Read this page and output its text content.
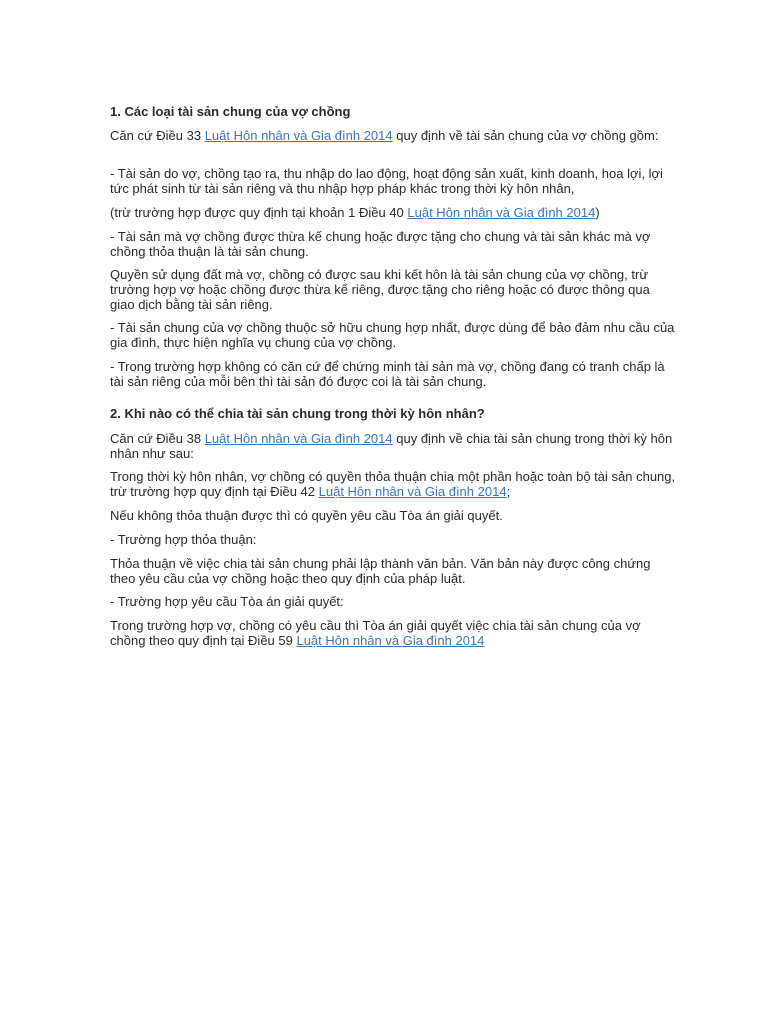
1. Các loại tài sản chung của vợ chồng

Căn cứ Điều 33 Luật Hôn nhân và Gia đình 2014 quy định về tài sản chung của vợ chồng gồm:

- Tài sản do vợ, chồng tạo ra, thu nhập do lao động, hoạt động sản xuất, kinh doanh, hoa lợi, lợi tức phát sinh từ tài sản riêng và thu nhập hợp pháp khác trong thời kỳ hôn nhân,

(trừ trường hợp được quy định tại khoản 1 Điều 40 Luật Hôn nhân và Gia đình 2014)

- Tài sản mà vợ chồng được thừa kế chung hoặc được tặng cho chung và tài sản khác mà vợ chồng thỏa thuận là tài sản chung.

Quyền sử dụng đất mà vợ, chồng có được sau khi kết hôn là tài sản chung của vợ chồng, trừ trường hợp vợ hoặc chồng được thừa kế riêng, được tặng cho riêng hoặc có được thông qua giao dịch bằng tài sản riêng.

- Tài sản chung của vợ chồng thuộc sở hữu chung hợp nhất, được dùng để bảo đảm nhu cầu của gia đình, thực hiện nghĩa vụ chung của vợ chồng.

- Trong trường hợp không có căn cứ để chứng minh tài sản mà vợ, chồng đang có tranh chấp là tài sản riêng của mỗi bên thì tài sản đó được coi là tài sản chung.

2. Khi nào có thể chia tài sản chung trong thời kỳ hôn nhân?

Căn cứ Điều 38 Luật Hôn nhân và Gia đình 2014 quy định về chia tài sản chung trong thời kỳ hôn nhân như sau:

Trong thời kỳ hôn nhân, vợ chồng có quyền thỏa thuận chia một phần hoặc toàn bộ tài sản chung, trừ trường hợp quy định tại Điều 42 Luật Hôn nhân và Gia đình 2014;

Nếu không thỏa thuận được thì có quyền yêu cầu Tòa án giải quyết.

- Trường hợp thỏa thuận:

Thỏa thuận về việc chia tài sản chung phải lập thành văn bản. Văn bản này được công chứng theo yêu cầu của vợ chồng hoặc theo quy định của pháp luật.

- Trường hợp yêu cầu Tòa án giải quyết:

Trong trường hợp vợ, chồng có yêu cầu thì Tòa án giải quyết việc chia tài sản chung của vợ chồng theo quy định tại Điều 59 Luật Hôn nhân và Gia đình 2014
